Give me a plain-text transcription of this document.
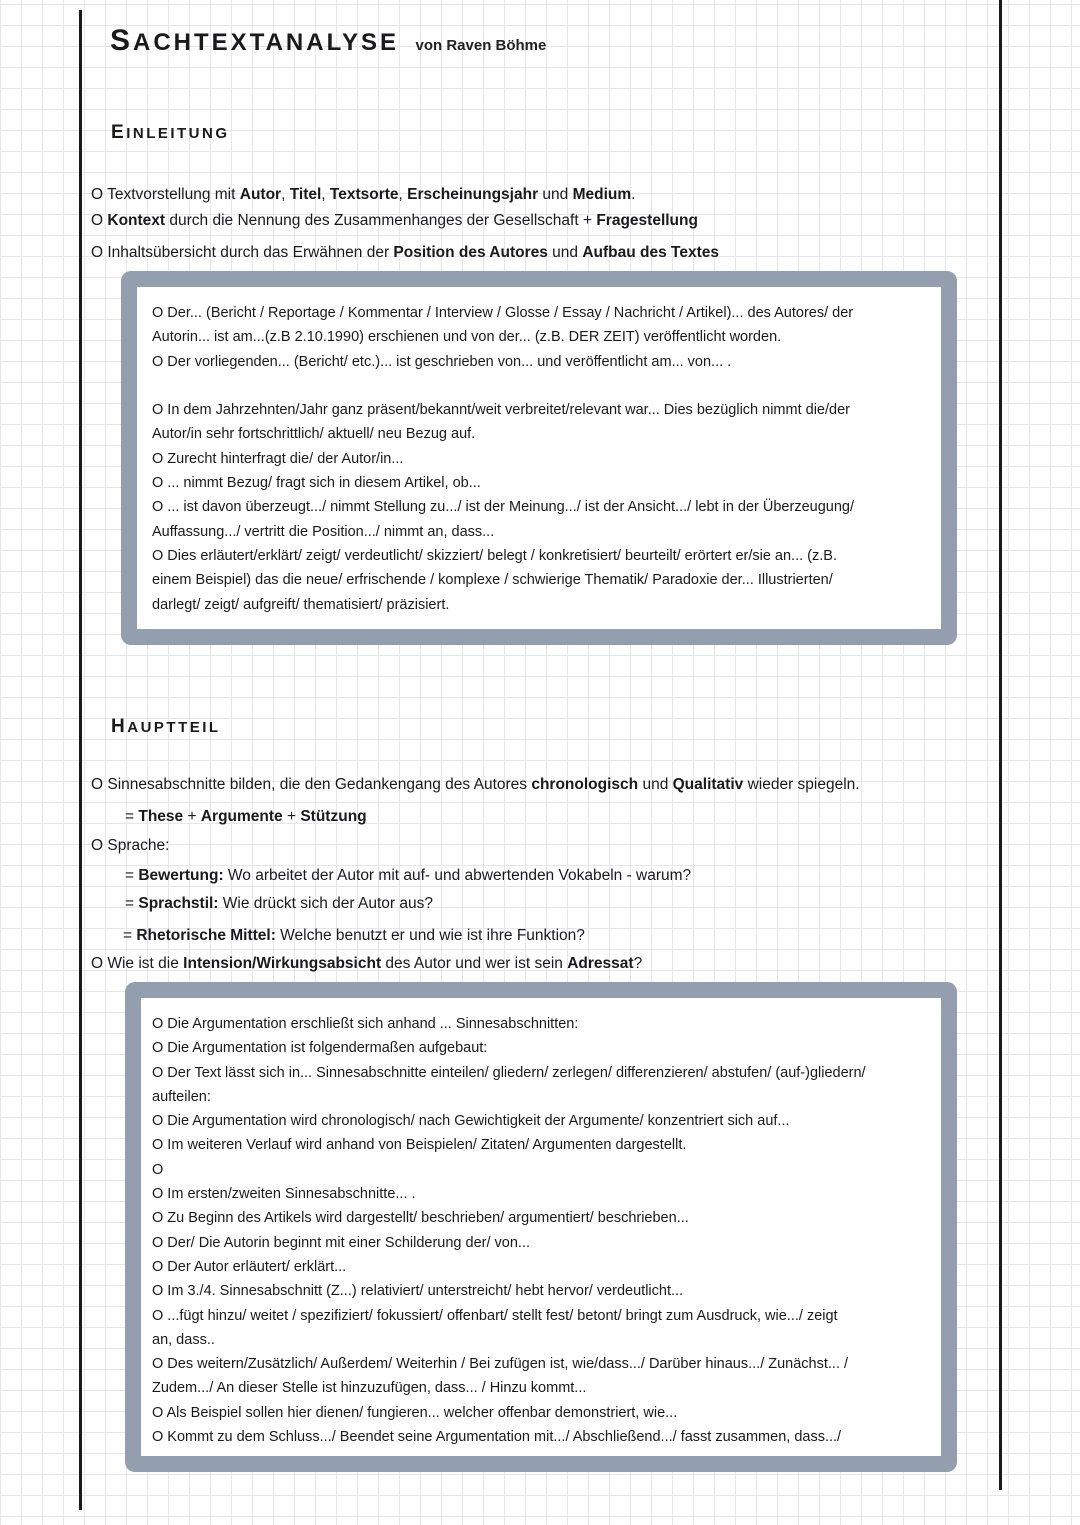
SACHTEXTANALYSE von Raven Böhme
EINLEITUNG
O Textvorstellung mit Autor, Titel, Textsorte, Erscheinungsjahr und Medium.
O Kontext durch die Nennung des Zusammenhanges der Gesellschaft + Fragestellung
O Inhaltsübersicht durch das Erwähnen der Position des Autores und Aufbau des Textes
O Der... (Bericht / Reportage / Kommentar / Interview / Glosse / Essay / Nachricht / Artikel)... des Autores/ der
Autorin... ist am...(z.B 2.10.1990) erschienen und von der... (z.B. DER ZEIT) veröffentlicht worden.
O Der vorliegenden... (Bericht/ etc.)... ist geschrieben von... und veröffentlicht am... von... .

O In dem Jahrzehnten/Jahr ganz präsent/bekannt/weit verbreitet/relevant war... Dies bezüglich nimmt die/der
Autor/in sehr fortschrittlich/ aktuell/ neu Bezug auf.
O Zurecht hinterfragt die/ der Autor/in...
O ... nimmt Bezug/ fragt sich in diesem Artikel, ob...
O ... ist davon überzeugt.../ nimmt Stellung zu.../ ist der Meinung.../ ist der Ansicht.../ lebt in der Überzeugung/
Auffassung.../ vertritt die Position.../ nimmt an, dass...
O Dies erläutert/erklärt/ zeigt/ verdeutlicht/ skizziert/ belegt / konkretisiert/ beurteilt/ erörtert er/sie an... (z.B.
einem Beispiel) das die neue/ erfrischende / komplexe / schwierige Thematik/ Paradoxie der... Illustrierten/
darlegt/ zeigt/ aufgreift/ thematisiert/ präzisiert.
HAUPTTEIL
O Sinnesabschnitte bilden, die den Gedankengang des Autores chronologisch und Qualitativ wieder spiegeln.
= These + Argumente + Stützung
O Sprache:
= Bewertung: Wo arbeitet der Autor mit auf- und abwertenden Vokabeln - warum?
= Sprachstil: Wie drückt sich der Autor aus?
= Rhetorische Mittel: Welche benutzt er und wie ist ihre Funktion?
O Wie ist die Intension/Wirkungsabsicht des Autor und wer ist sein Adressat?
O Die Argumentation erschließt sich anhand ... Sinnesabschnitten:
O Die Argumentation ist folgendermaßen aufgebaut:
O Der Text lässt sich in... Sinnesabschnitte einteilen/ gliedern/ zerlegen/ differenzieren/ abstufen/ (auf-)gliedern/
aufteilen:
O Die Argumentation wird chronologisch/ nach Gewichtigkeit der Argumente/ konzentriert sich auf...
O Im weiteren Verlauf wird anhand von Beispielen/ Zitaten/ Argumenten dargestellt.
O
O Im ersten/zweiten Sinnesabschnitte... .
O Zu Beginn des Artikels wird dargestellt/ beschrieben/ argumentiert/ beschrieben...
O Der/ Die Autorin beginnt mit einer Schilderung der/ von...
O Der Autor erläutert/ erklärt...
O Im 3./4. Sinnesabschnitt (Z...) relativiert/ unterstreicht/ hebt hervor/ verdeutlicht...
O ...fügt hinzu/ weitet / spezifiziert/ fokussiert/ offenbart/ stellt fest/ betont/ bringt zum Ausdruck, wie.../ zeigt
an, dass..
O Des weitern/Zusätzlich/ Außerdem/ Weiterhin / Bei zufügen ist, wie/dass.../ Darüber hinaus.../ Zunächst... /
Zudem.../ An dieser Stelle ist hinzuzufügen, dass... / Hinzu kommt...
O Als Beispiel sollen hier dienen/ fungieren... welcher offenbar demonstriert, wie...
O Kommt zu dem Schluss.../ Beendet seine Argumentation mit.../ Abschließend.../ fasst zusammen, dass.../
